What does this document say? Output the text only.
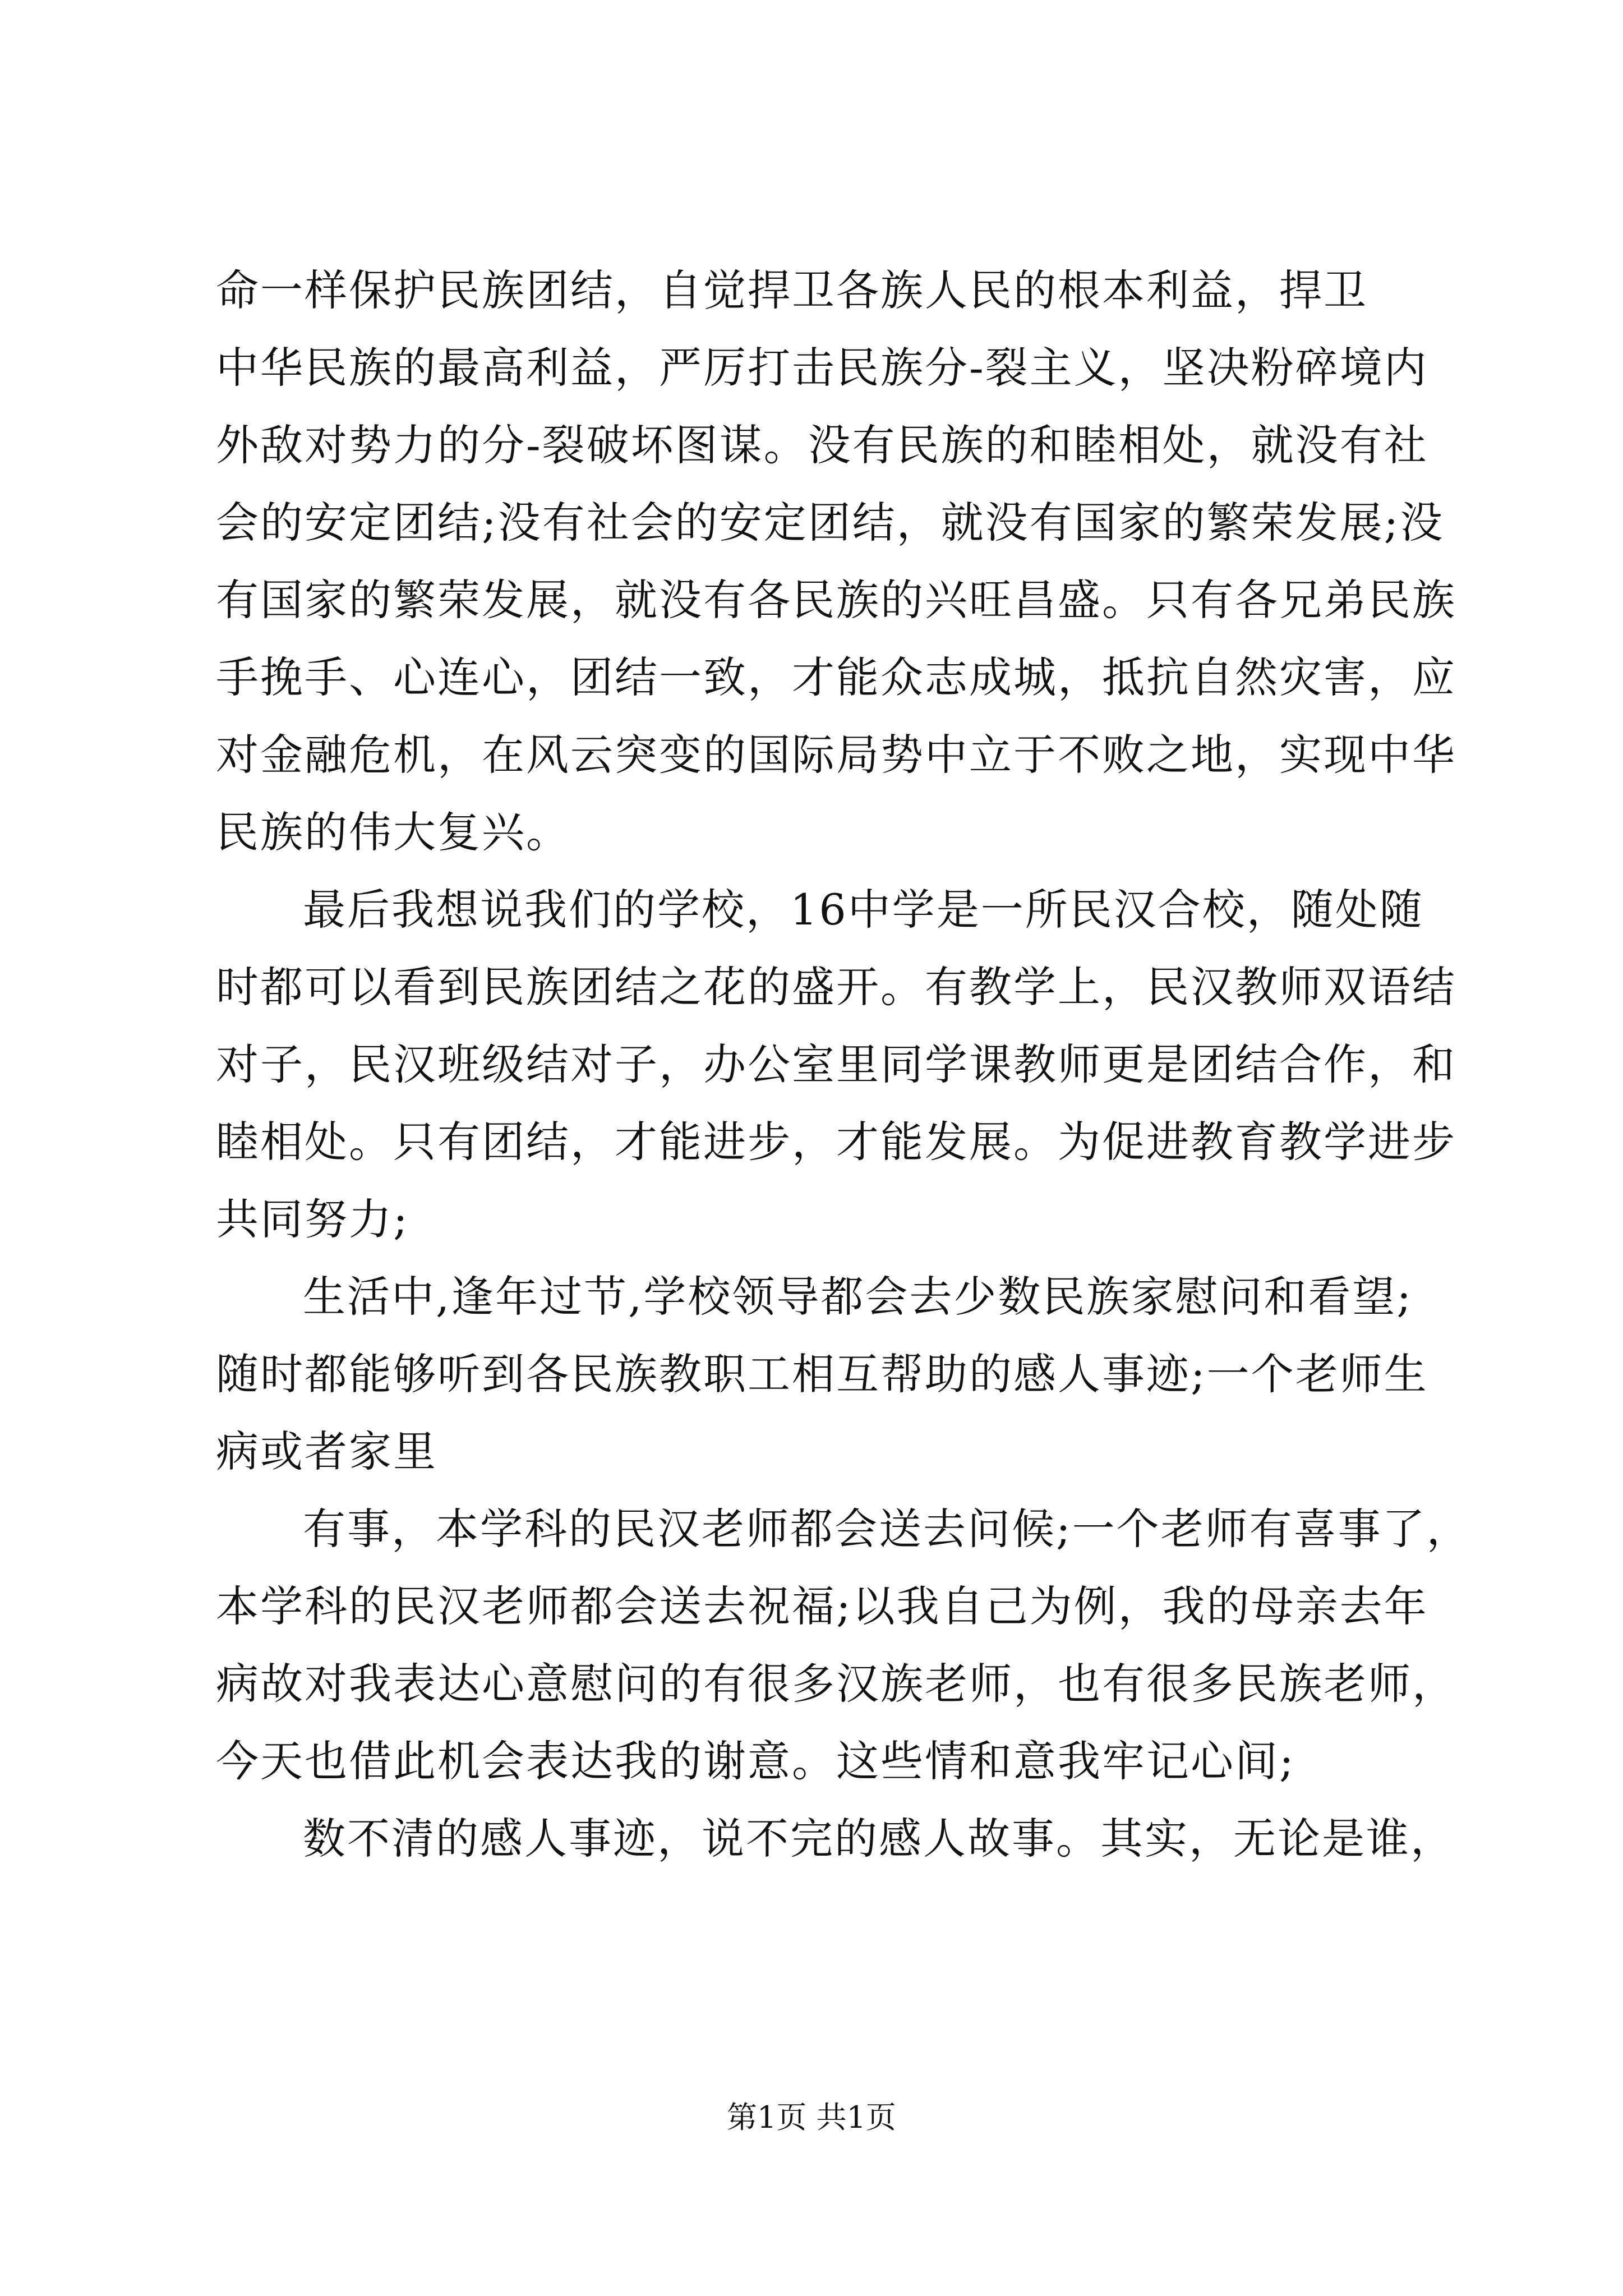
命一样保护民族团结，自觉捍卫各族人民的根本利益，捍卫
中华民族的最高利益，严厉打击民族分-裂主义，坚决粉碎境内
外敌对势力的分-裂破坏图谋。没有民族的和睦相处，就没有社
会的安定团结;没有社会的安定团结，就没有国家的繁荣发展;没
有国家的繁荣发展，就没有各民族的兴旺昌盛。只有各兄弟民族
手挽手、心连心，团结一致，才能众志成城，抵抗自然灾害，应
对金融危机，在风云突变的国际局势中立于不败之地，实现中华
民族的伟大复兴。
最后我想说我们的学校，16中学是一所民汉合校，随处随
时都可以看到民族团结之花的盛开。有教学上，民汉教师双语结
对子，民汉班级结对子，办公室里同学课教师更是团结合作，和
睦相处。只有团结，才能进步，才能发展。为促进教育教学进步
共同努力;
生活中,逢年过节,学校领导都会去少数民族家慰问和看望;
随时都能够听到各民族教职工相互帮助的感人事迹;一个老师生
病或者家里
有事，本学科的民汉老师都会送去问候;一个老师有喜事了，
本学科的民汉老师都会送去祝福;以我自己为例，我的母亲去年
病故对我表达心意慰问的有很多汉族老师，也有很多民族老师，
今天也借此机会表达我的谢意。这些情和意我牢记心间;
数不清的感人事迹，说不完的感人故事。其实，无论是谁，
第1页 共1页
